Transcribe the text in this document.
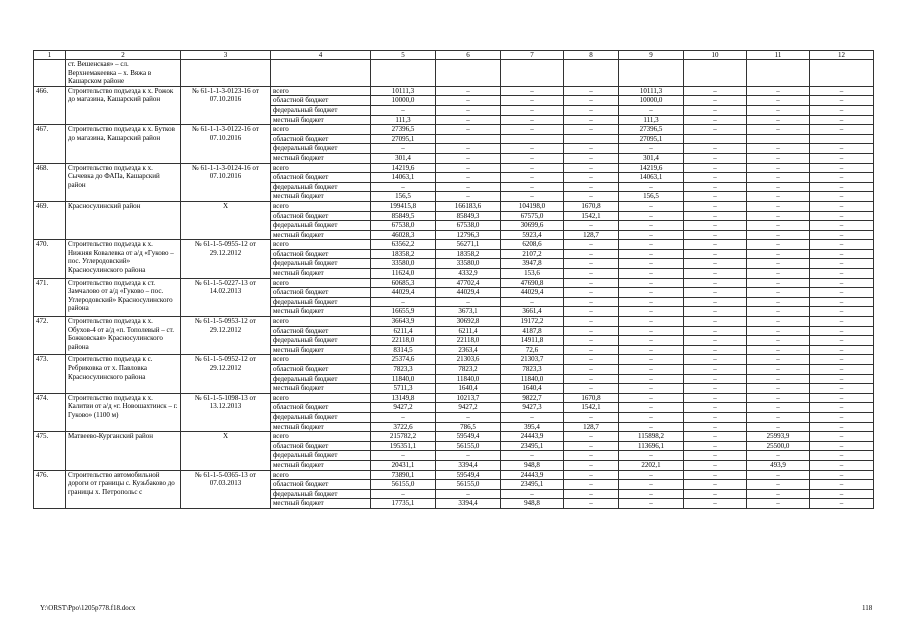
1	2	3	4	5	6	7	8	9	10	11	12
	ст. Вешенская» – сл. Верхнемакеевка – х. Вяжа в Кашарском районе										
466.	Строительство подъезда к х. Рожок до магазина, Кашарский район	№ 61-1-1-3-0123-16 от 07.10.2016	всего	10111,3	–	–	–	10111,3	–	–	–
			областной бюджет	10000,0	–	–	–	10000,0	–	–	–
			федеральный бюджет	–	–	–	–	–	–	–	–
			местный бюджет	111,3	–	–	–	111,3	–	–	–
467.	Строительство подъезда к х. Бутков до магазина, Кашарский район	№ 61-1-1-3-0122-16 от 07.10.2016	всего	27396,5	–	–	–	27396,5	–	–	–
			областной бюджет	27095,1				27095,1			
			федеральный бюджет	–	–	–	–	–	–	–	–
			местный бюджет	301,4	–	–	–	301,4	–	–	–
468.	Строительство подъезда к х. Сычевка до ФАПа, Кашарский район	№ 61-1-1-3-0124-16 от 07.10.2016	всего	14219,6	–	–	–	14219,6	–	–	–
			областной бюджет	14063,1	–	–	–	14063,1	–	–	–
			федеральный бюджет	–	–	–	–	–	–	–	–
			местный бюджет	156,5	–	–	–	156,5	–	–	–
469.	Красносулинский район	X	всего	199415,8	166183,6	104198,0	1670,8	–	–	–	–
			областной бюджет	85849,5	85849,3	67575,0	1542,1	–	–	–	–
			федеральный бюджет	67538,0	67538,0	30699,6	–	–	–	–	–
			местный бюджет	46028,3	12796,3	5923,4	128,7	–	–	–	–
470.	Строительство подъезда к х. Нижняя Ковалевка от а/д «Гуково – пос. Углеродовский» Красносулинского района	№ 61-1-5-0955-12 от 29.12.2012	всего	63562,2	56271,1	6208,6	–	–	–	–	–
			областной бюджет	18358,2	18358,2	2107,2	–	–	–	–	–
			федеральный бюджет	33580,0	33580,0	3947,8	–	–	–	–	–
			местный бюджет	11624,0	4332,9	153,6	–	–	–	–	–
471.	Строительство подъезда к ст. Замчалово от а/д «Гуково – пос. Углеродовский» Красносулинского района	№ 61-1-5-0227-13 от 14.02.2013	всего	60685,3	47702,4	47690,8	–	–	–	–	–
			областной бюджет	44029,4	44029,4	44029,4	–	–	–	–	–
			федеральный бюджет	–	–	–	–	–	–	–	–
			местный бюджет	16655,9	3673,1	3661,4	–	–	–	–	–
472.	Строительство подъезда к х. Обухов-4 от а/д «п. Тополевый – ст. Божковская» Красносулинского района	№ 61-1-5-0953-12 от 29.12.2012	всего	36643,9	30692,8	19172,2	–	–	–	–	–
			областной бюджет	6211,4	6211,4	4187,8	–	–	–	–	–
			федеральный бюджет	22118,0	22118,0	14911,8	–	–	–	–	–
			местный бюджет	8314,5	2363,4	72,6	–	–	–	–	–
473.	Строительство подъезда к с. Ребриковка от х. Павловка Красносулинского района	№ 61-1-5-0952-12 от 29.12.2012	всего	25374,6	21303,6	21303,7	–	–	–	–	–
			областной бюджет	7823,3	7823,2	7823,3	–	–	–	–	–
			федеральный бюджет	11840,0	11840,0	11840,0	–	–	–	–	–
			местный бюджет	5711,3	1640,4	1640,4	–	–	–	–	–
474.	Строительство подъезда к х. Калитви от а/д «г. Новошахтинск – г. Гуково» (1100 м)	№ 61-1-5-1098-13 от 13.12.2013	всего	13149,8	10213,7	9822,7	1670,8	–	–	–	–
			областной бюджет	9427,2	9427,2	9427,3	1542,1	–	–	–	–
			федеральный бюджет	–	–	–	–	–	–	–	–
			местный бюджет	3722,6	786,5	395,4	128,7	–	–	–	–
475.	Матвеево-Курганский район	X	всего	215782,2	59549,4	24443,9	–	115898,2	–	25993,9	–
			областной бюджет	195351,1	56155,0	23495,1	–	113696,1	–	25500,0	–
			федеральный бюджет	–	–	–	–	–	–	–	–
			местный бюджет	20431,1	3394,4	948,8	–	2202,1	–	493,9	–
476.	Строительство автомобильной дороги от границы с. Кузьбаково до границы х. Петропольс с	№ 61-1-5-0365-13 от 07.03.2013	всего	73890,1	59549,4	24443,9	–	–	–	–	–
			областной бюджет	56155,0	56155,0	23495,1	–	–	–	–	–
			федеральный бюджет	–	–	–	–	–	–	–	–
			местный бюджет	17735,1	3394,4	948,8	–	–	–	–	–
Y:\ORST\Ppo\1205p778.f18.docx	118
